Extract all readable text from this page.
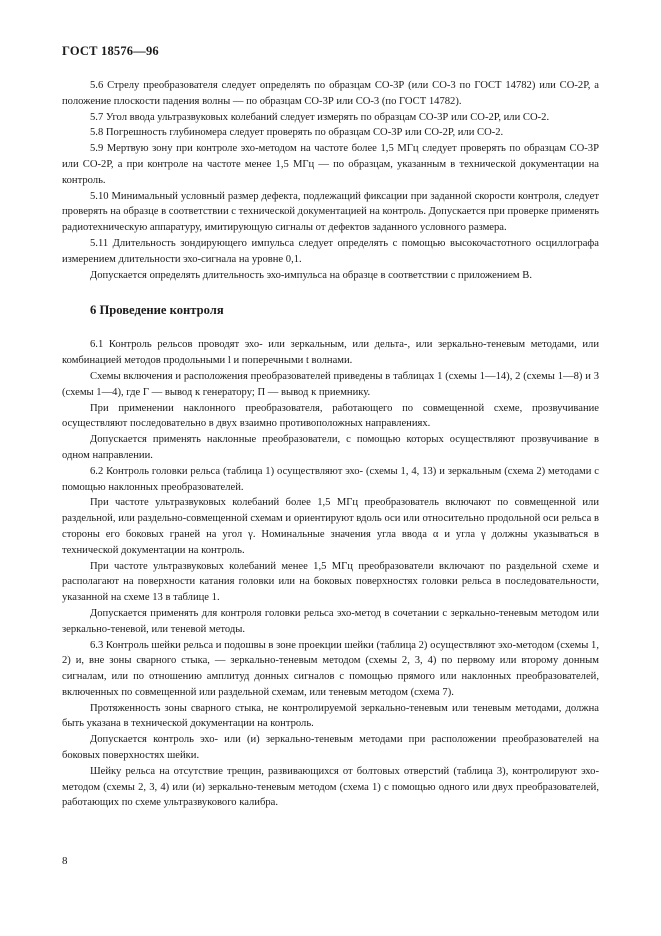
ГОСТ 18576—96

5.6 Стрелу преобразователя следует определять по образцам СО-3Р (или СО-3 по ГОСТ 14782) или СО-2Р, а положение плоскости падения волны — по образцам СО-3Р или СО-3 (по ГОСТ 14782).

5.7 Угол ввода ультразвуковых колебаний следует измерять по образцам СО-3Р или СО-2Р, или СО-2.

5.8 Погрешность глубиномера следует проверять по образцам СО-3Р или СО-2Р, или СО-2.

5.9 Мертвую зону при контроле эхо-методом на частоте более 1,5 МГц следует проверять по образцам СО-3Р или СО-2Р, а при контроле на частоте менее 1,5 МГц — по образцам, указанным в технической документации на контроль.

5.10 Минимальный условный размер дефекта, подлежащий фиксации при заданной скорости контроля, следует проверять на образце в соответствии с технической документацией на контроль. Допускается при проверке применять радиотехническую аппаратуру, имитирующую сигналы от дефектов заданного условного размера.

5.11 Длительность зондирующего импульса следует определять с помощью высокочастотного осциллографа измерением длительности эхо-сигнала на уровне 0,1.

Допускается определять длительность эхо-импульса на образце в соответствии с приложением В.

6 Проведение контроля

6.1 Контроль рельсов проводят эхо- или зеркальным, или дельта-, или зеркально-теневым методами, или комбинацией методов продольными l и поперечными t волнами.

Схемы включения и расположения преобразователей приведены в таблицах 1 (схемы 1—14), 2 (схемы 1—8) и 3 (схемы 1—4), где Г — вывод к генератору; П — вывод к приемнику.

При применении наклонного преобразователя, работающего по совмещенной схеме, прозвучивание осуществляют последовательно в двух взаимно противоположных направлениях.

Допускается применять наклонные преобразователи, с помощью которых осуществляют прозвучивание в одном направлении.

6.2 Контроль головки рельса (таблица 1) осуществляют эхо- (схемы 1, 4, 13) и зеркальным (схема 2) методами с помощью наклонных преобразователей.

При частоте ультразвуковых колебаний более 1,5 МГц преобразователь включают по совмещенной или раздельной, или раздельно-совмещенной схемам и ориентируют вдоль оси или относительно продольной оси рельса в стороны его боковых граней на угол γ. Номинальные значения угла ввода α и угла γ должны указываться в технической документации на контроль.

При частоте ультразвуковых колебаний менее 1,5 МГц преобразователи включают по раздельной схеме и располагают на поверхности катания головки или на боковых поверхностях головки рельса в последовательности, указанной на схеме 13 в таблице 1.

Допускается применять для контроля головки рельса эхо-метод в сочетании с зеркально-теневым методом или зеркально-теневой, или теневой методы.

6.3 Контроль шейки рельса и подошвы в зоне проекции шейки (таблица 2) осуществляют эхо-методом (схемы 1, 2) и, вне зоны сварного стыка, — зеркально-теневым методом (схемы 2, 3, 4) по первому или второму донным сигналам, или по отношению амплитуд донных сигналов с помощью прямого или наклонных преобразователей, включенных по совмещенной или раздельной схемам, или теневым методом (схема 7).

Протяженность зоны сварного стыка, не контролируемой зеркально-теневым или теневым методами, должна быть указана в технической документации на контроль.

Допускается контроль эхо- или (и) зеркально-теневым методами при расположении преобразователей на боковых поверхностях шейки.

Шейку рельса на отсутствие трещин, развивающихся от болтовых отверстий (таблица 3), контролируют эхо-методом (схемы 2, 3, 4) или (и) зеркально-теневым методом (схема 1) с помощью одного или двух преобразователей, работающих по схеме ультразвукового калибра.

8
